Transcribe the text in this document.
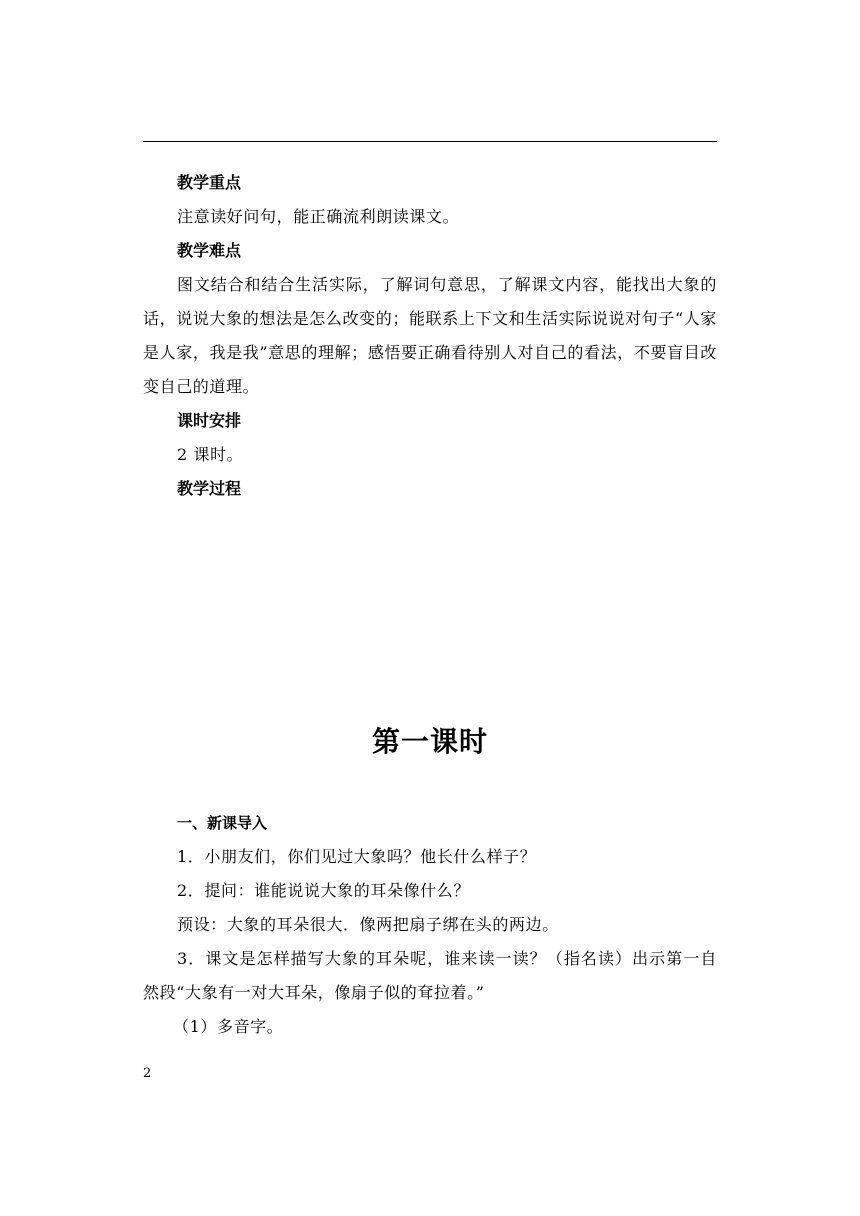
教学重点
注意读好问句，能正确流利朗读课文。
教学难点
图文结合和结合生活实际，了解词句意思，了解课文内容，能找出大象的话，说说大象的想法是怎么改变的；能联系上下文和生活实际说说对句子“人家是人家，我是我”意思的理解；感悟要正确看待别人对自己的看法，不要盲目改变自己的道理。
课时安排
2 课时。
教学过程
第一课时
一、新课导入
1．小朋友们，你们见过大象吗？他长什么样子？
2．提问：谁能说说大象的耳朵像什么？
预设：大象的耳朵很大．像两把扇子绑在头的两边。
3．课文是怎样描写大象的耳朵呢，谁来读一读？（指名读）出示第一自然段“大象有一对大耳朵，像扇子似的耷拉着。”
（1）多音字。
2
